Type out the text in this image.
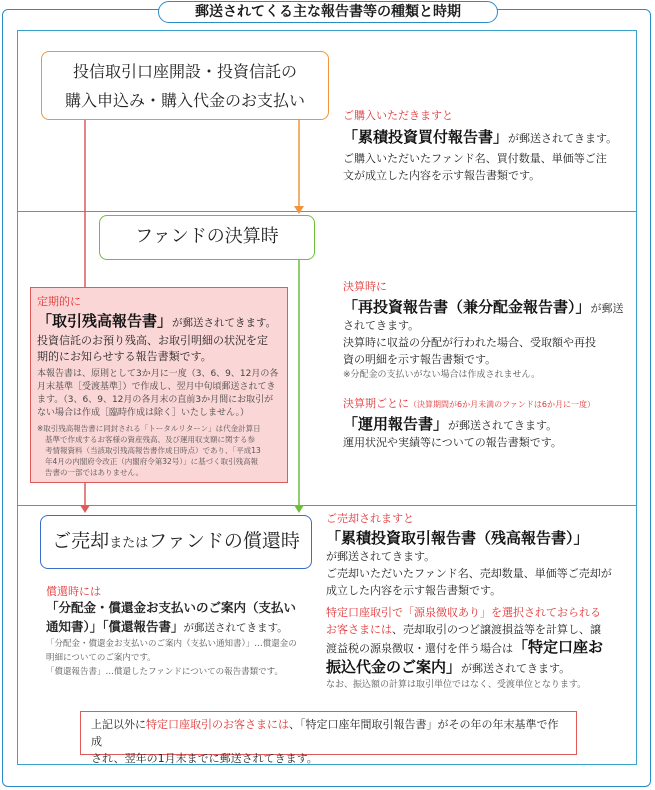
郵送されてくる主な報告書等の種類と時期
投信取引口座開設・投資信託の
購入申込み・購入代金のお支払い
ファンドの決算時
ご売却またはファンドの償還時
ご購入いただきますと
「累積投資買付報告書」が郵送されてきます。
ご購入いただいたファンド名、買付数量、単価等ご注
文が成立した内容を示す報告書類です。
定期的に
「取引残高報告書」が郵送されてきます。
投資信託のお預り残高、お取引明細の状況を定
期的にお知らせする報告書類です。
本報告書は、原則として3か月に一度（3、6、9、12月の各
月末基準［受渡基準］）で作成し、翌月中旬頃郵送されてき
ます。（3、6、9、12月の各月末の直前3か月間にお取引が
ない場合は作成［臨時作成は除く］いたしません。）
※取引残高報告書に同封される「トータルリターン」は代金計算日
基準で作成するお客様の資産残高、及び運用収支額に関する参
考情報資料（当該取引残高報告書作成日時点）であり、「平成13
年4月の内閣府令改正（内閣府令第32号）」に基づく取引残高報
告書の一部ではありません。
決算時に
「再投資報告書（兼分配金報告書）」が郵送
されてきます。
決算時に収益の分配が行われた場合、受取額や再投
資の明細を示す報告書類です。
※分配金の支払いがない場合は作成されません。
決算期ごとに（決算期間が6か月未満のファンドは6か月に一度）
「運用報告書」が郵送されてきます。
運用状況や実績等についての報告書類です。
ご売却されますと
「累積投資取引報告書（残高報告書）」
が郵送されてきます。
ご売却いただいたファンド名、売却数量、単価等ご売却が
成立した内容を示す報告書類です。
特定口座取引で「源泉徴収あり」を選択されておられる
お客さまには、売却取引のつど譲渡損益等を計算し、譲
渡益税の源泉徴収・還付を伴う場合は「特定口座お
振込代金のご案内」が郵送されてきます。
なお、振込額の計算は取引単位ではなく、受渡単位となります。
償還時には
「分配金・償還金お支払いのご案内（支払い
通知書）」「償還報告書」が郵送されてきます。
「分配金・償還金お支払いのご案内（支払い通知書）」…償還金の
明細についてのご案内です。
「償還報告書」…償還したファンドについての報告書類です。
上記以外に特定口座取引のお客さまには、「特定口座年間取引報告書」がその年の年末基準で作成
され、翌年の1月末までに郵送されてきます。
